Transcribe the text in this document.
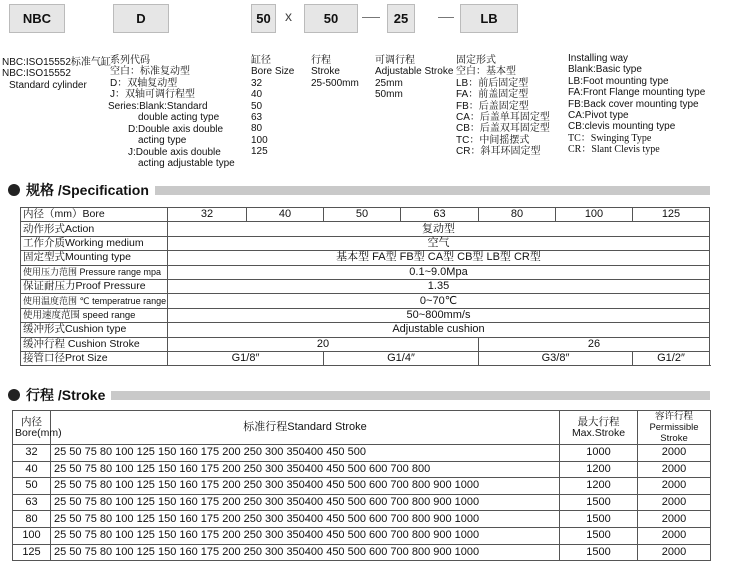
NBC	D	50	x	50	25	LB
NBC:ISO15552标准气缸
NBC:ISO15552
Standard cylinder
系列代码
空白：标准复动型
D：双轴复动型
J：双轴可调行程型
Series:Blank:Standard
double acting type
D:Double axis double
acting type
J:Double axis double
acting adjustable type
缸径
Bore Size
32
40
50
63
80
100
125
行程
Stroke
25-500mm
可调行程
Adjustable Stroke
25mm
50mm
固定形式
空白：基本型
LB：前后固定型
FA：前盖固定型
FB：后盖固定型
CA：后盖单耳固定型
CB：后盖双耳固定型
TC：中间摇摆式
CR：斜耳环固定型
Installing way
Blank:Basic type
LB:Foot mounting type
FA:Front Flange mounting type
FB:Back cover mounting type
CA:Pivot type
CB:clevis mounting type
TC：Swinging Type
CR：Slant Clevis type
规格 /Specification
内径（mm）Bore	32	40	50	63	80	100	125
动作形式Action	复动型						
工作介质Working medium	空气						
固定型式Mounting type	基本型 FA型 FB型 CA型 CB型 LB型 CR型						
使用压力范围 Pressure range mpa	0.1~9.0Mpa						
保证耐压力Proof Pressure	1.35						
使用温度范围 ℃ temperatrue range	0~70℃						
使用速度范围 speed range	50~800mm/s						
缓冲形式Cushion type	Adjustable cushion						
缓冲行程 Cushion Stroke	20				26		
接管口径Prot Size	G1/8″		G1/4″		G3/8″		G1/2″
行程 /Stroke
内径 Bore(mm)	标准行程Standard Stroke	最大行程 Max.Stroke	容许行程 Permissible Stroke
32	25 50 75 80 100 125 150 160 175 200 250 300 350400 450 500	1000	2000
40	25 50 75 80 100 125 150 160 175 200 250 300 350400 450 500 600 700 800	1200	2000
50	25 50 75 80 100 125 150 160 175 200 250 300 350400 450 500 600 700 800 900 1000	1200	2000
63	25 50 75 80 100 125 150 160 175 200 250 300 350400 450 500 600 700 800 900 1000	1500	2000
80	25 50 75 80 100 125 150 160 175 200 250 300 350400 450 500 600 700 800 900 1000	1500	2000
100	25 50 75 80 100 125 150 160 175 200 250 300 350400 450 500 600 700 800 900 1000	1500	2000
125	25 50 75 80 100 125 150 160 175 200 250 300 350400 450 500 600 700 800 900 1000	1500	2000
